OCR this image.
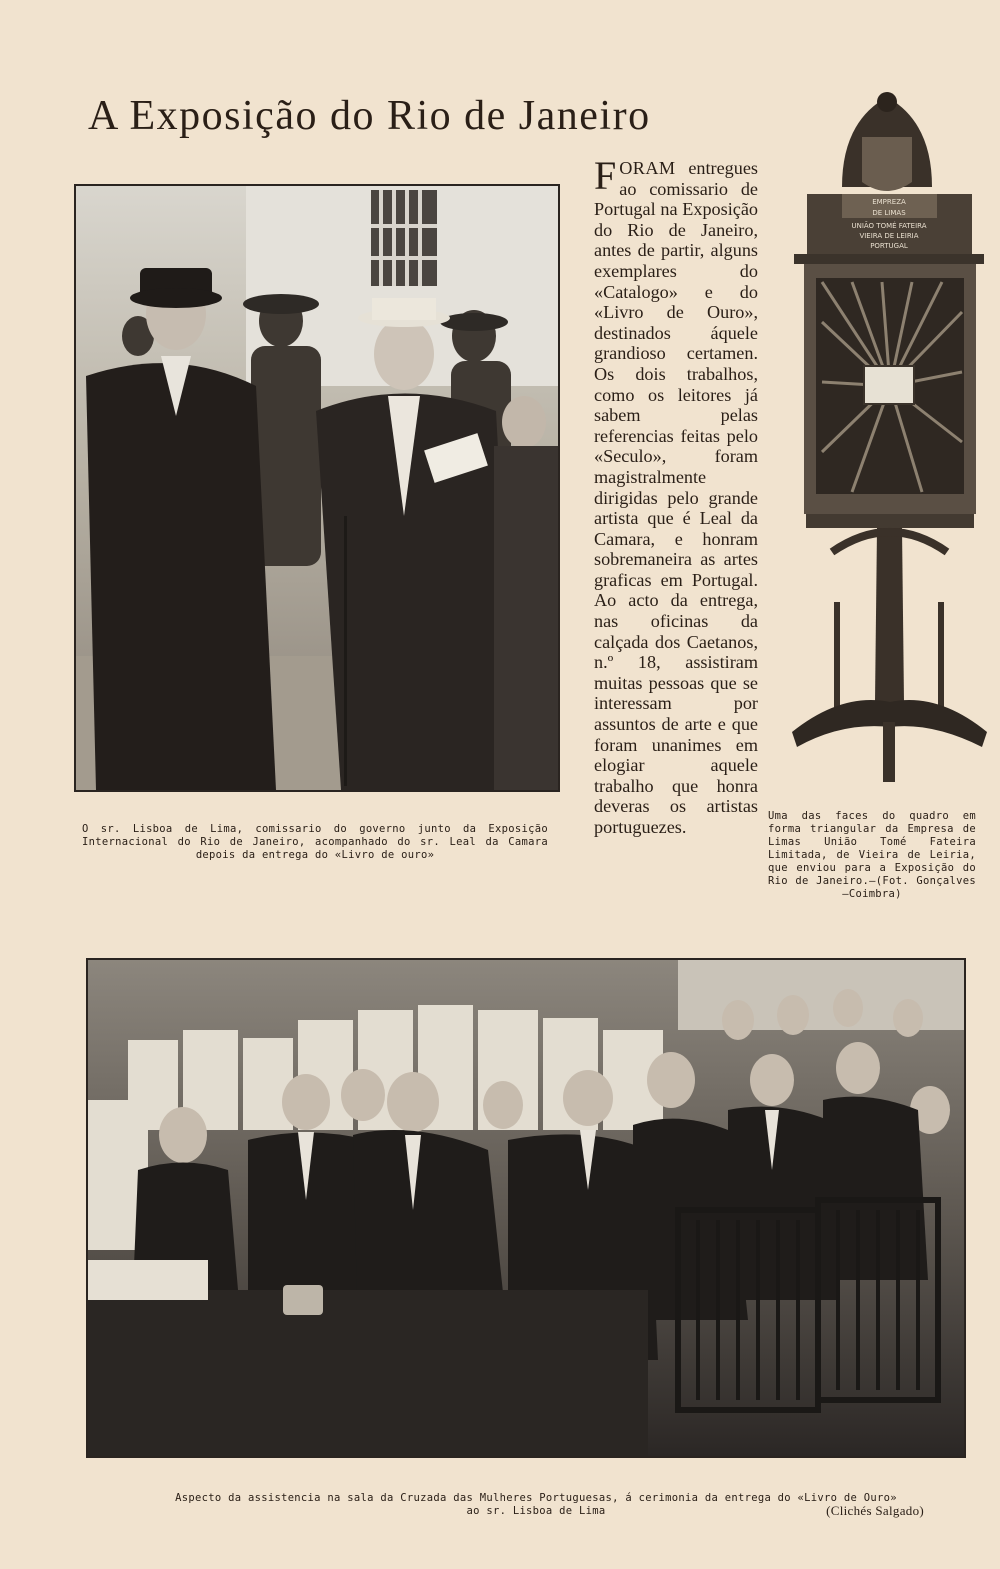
A Exposição do Rio de Janeiro
O sr. Lisboa de Lima, comissario do governo junto da Exposição Internacional do Rio de Janeiro, acompanhado do sr. Leal da Camara depois da entrega do «Livro de ouro»
FORAM entregues ao comissario de Portugal na Exposição do Rio de Janeiro, antes de partir, alguns exemplares do «Catalogo» e do «Livro de Ouro», destinados áquele grandioso certamen. Os dois trabalhos, como os leitores já sabem pelas referencias feitas pelo «Seculo», foram magistralmente dirigidas pelo grande artista que é Leal da Camara, e honram sobremaneira as artes graficas em Portugal. Ao acto da entrega, nas oficinas da calçada dos Caetanos, n.º 18, assistiram muitas pessoas que se interessam por assuntos de arte e que foram unanimes em elogiar aquele trabalho que honra deveras os artistas portuguezes.
EMPREZA
DE LIMAS
UNIÃO TOMÉ FATEIRA
VIEIRA DE LEIRIA
PORTUGAL
Uma das faces do quadro em forma triangular da Empresa de Limas União Tomé Fateira Limitada, de Vieira de Leiria, que enviou para a Exposição do Rio de Janeiro.—(Fot. Gonçalves—Coimbra)
Aspecto da assistencia na sala da Cruzada das Mulheres Portuguesas, á cerimonia da entrega do «Livro de Ouro»
ao sr. Lisboa de Lima	(Clichés Salgado)
